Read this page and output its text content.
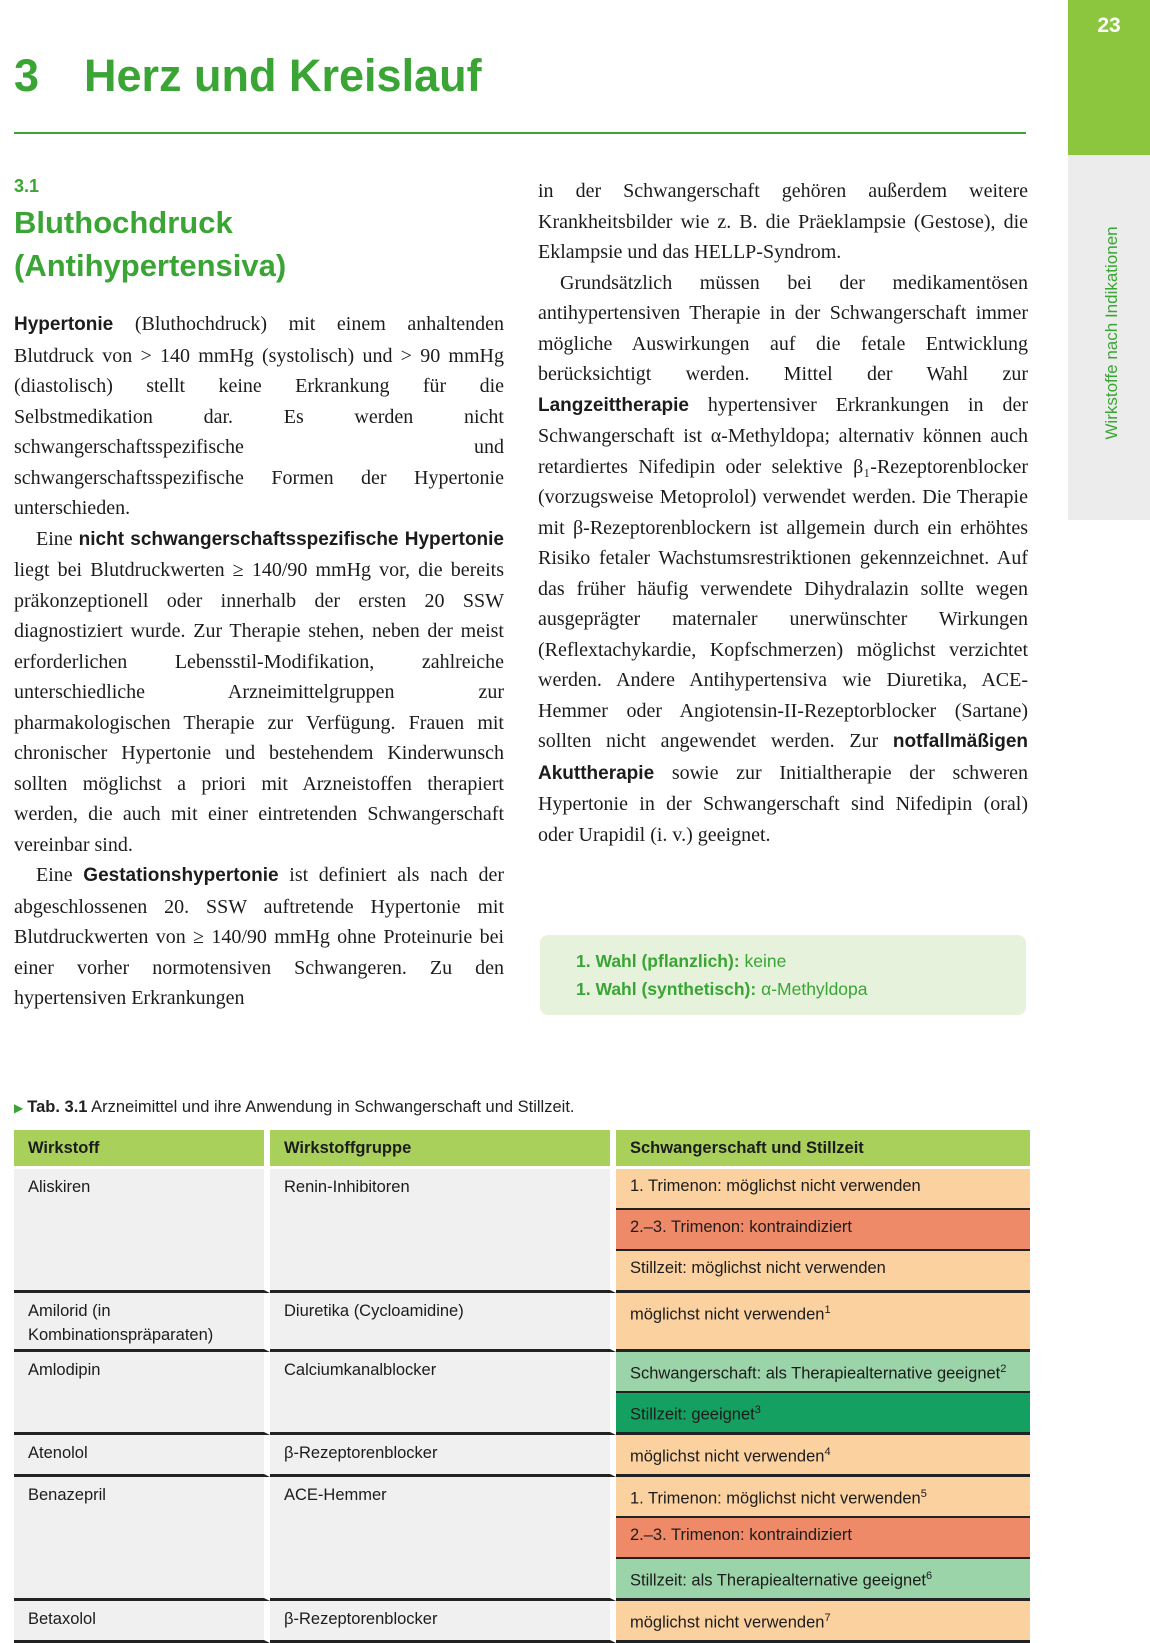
23
Wirkstoffe nach Indikationen
3 Herz und Kreislauf
3.1
Bluthochdruck
(Antihypertensiva)

Hypertonie (Bluthochdruck) mit einem anhaltenden Blutdruck von > 140 mmHg (systolisch) und > 90 mmHg (diastolisch) stellt keine Erkrankung für die Selbstmedikation dar. Es werden nicht schwangerschaftsspezifische und schwangerschaftsspezifische Formen der Hypertonie unterschieden.

Eine nicht schwangerschaftsspezifische Hypertonie liegt bei Blutdruckwerten ≥ 140/90 mmHg vor, die bereits präkonzeptionell oder innerhalb der ersten 20 SSW diagnostiziert wurde. Zur Therapie stehen, neben der meist erforderlichen Lebensstil-Modifikation, zahlreiche unterschiedliche Arzneimittelgruppen zur pharmakologischen Therapie zur Verfügung. Frauen mit chronischer Hypertonie und bestehendem Kinderwunsch sollten möglichst a priori mit Arzneistoffen therapiert werden, die auch mit einer eintretenden Schwangerschaft vereinbar sind.

Eine Gestationshypertonie ist definiert als nach der abgeschlossenen 20. SSW auftretende Hypertonie mit Blutdruckwerten von ≥ 140/90 mmHg ohne Proteinurie bei einer vorher normotensiven Schwangeren. Zu den hypertensiven Erkrankungen

in der Schwangerschaft gehören außerdem weitere Krankheitsbilder wie z. B. die Präeklampsie (Gestose), die Eklampsie und das HELLP-Syndrom.

Grundsätzlich müssen bei der medikamentösen antihypertensiven Therapie in der Schwangerschaft immer mögliche Auswirkungen auf die fetale Entwicklung berücksichtigt werden. Mittel der Wahl zur Langzeittherapie hypertensiver Erkrankungen in der Schwangerschaft ist α-Methyldopa; alternativ können auch retardiertes Nifedipin oder selektive β₁-Rezeptorenblocker (vorzugsweise Metoprolol) verwendet werden. Die Therapie mit β-Rezeptorenblockern ist allgemein durch ein erhöhtes Risiko fetaler Wachstumsrestriktionen gekennzeichnet. Auf das früher häufig verwendete Dihydralazin sollte wegen ausgeprägter maternaler unerwünschter Wirkungen (Reflextachykardie, Kopfschmerzen) möglichst verzichtet werden. Andere Antihypertensiva wie Diuretika, ACE-Hemmer oder Angiotensin-II-Rezeptorblocker (Sartane) sollten nicht angewendet werden. Zur notfallmäßigen Akuttherapie sowie zur Initialtherapie der schweren Hypertonie in der Schwangerschaft sind Nifedipin (oral) oder Urapidil (i. v.) geeignet.

1. Wahl (pflanzlich): keine
1. Wahl (synthetisch): α-Methyldopa
▶ Tab. 3.1 Arzneimittel und ihre Anwendung in Schwangerschaft und Stillzeit.
Wirkstoff	Wirkstoffgruppe	Schwangerschaft und Stillzeit
Aliskiren	Renin-Inhibitoren	1. Trimenon: möglichst nicht verwenden
		2.–3. Trimenon: kontraindiziert
		Stillzeit: möglichst nicht verwenden
Amilorid (in Kombinationspräparaten)	Diuretika (Cycloamidine)	möglichst nicht verwenden$^1$
Amlodipin	Calciumkanalblocker	Schwangerschaft: als Therapiealternative geeignet$^2$
		Stillzeit: geeignet$^3$
Atenolol	β-Rezeptorenblocker	möglichst nicht verwenden$^4$
Benazepril	ACE-Hemmer	1. Trimenon: möglichst nicht verwenden$^5$
		2.–3. Trimenon: kontraindiziert
		Stillzeit: als Therapiealternative geeignet$^6$
Betaxolol	β-Rezeptorenblocker	möglichst nicht verwenden$^7$
